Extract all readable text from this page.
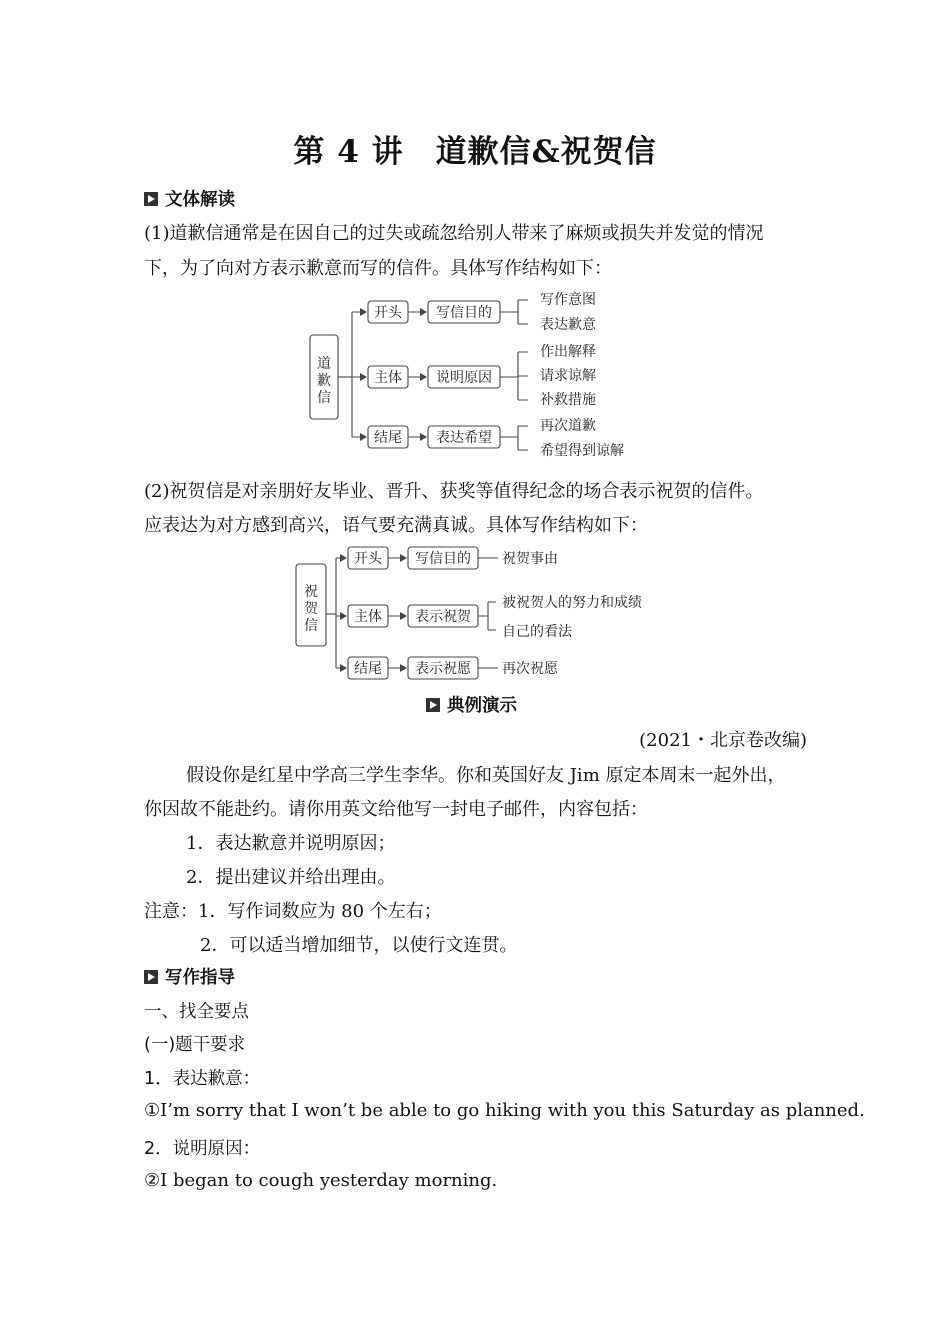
第 4 讲　道歉信&祝贺信
文体解读
(1)道歉信通常是在因自己的过失或疏忽给别人带来了麻烦或损失并发觉的情况
下，为了向对方表示歉意而写的信件。具体写作结构如下：
道
歉
信
开头
主体
结尾
写信目的
说明原因
表达希望
写作意图
表达歉意
作出解释
请求谅解
补救措施
再次道歉
希望得到谅解
(2)祝贺信是对亲朋好友毕业、晋升、获奖等值得纪念的场合表示祝贺的信件。
应表达为对方感到高兴，语气要充满真诚。具体写作结构如下：
祝
贺
信
开头
主体
结尾
写信目的
表示祝贺
表示祝愿
祝贺事由
被祝贺人的努力和成绩
自己的看法
再次祝愿
典例演示
(2021・北京卷改编)
假设你是红星中学高三学生李华。你和英国好友 Jim 原定本周末一起外出，
你因故不能赴约。请你用英文给他写一封电子邮件，内容包括：
1．表达歉意并说明原因；
2．提出建议并给出理由。
注意：1．写作词数应为 80 个左右；
2．可以适当增加细节，以使行文连贯。
写作指导
一、找全要点
(一)题干要求
1．表达歉意：
①I’m sorry that I won’t be able to go hiking with you this Saturday as planned.
2．说明原因：
②I began to cough yesterday morning.
